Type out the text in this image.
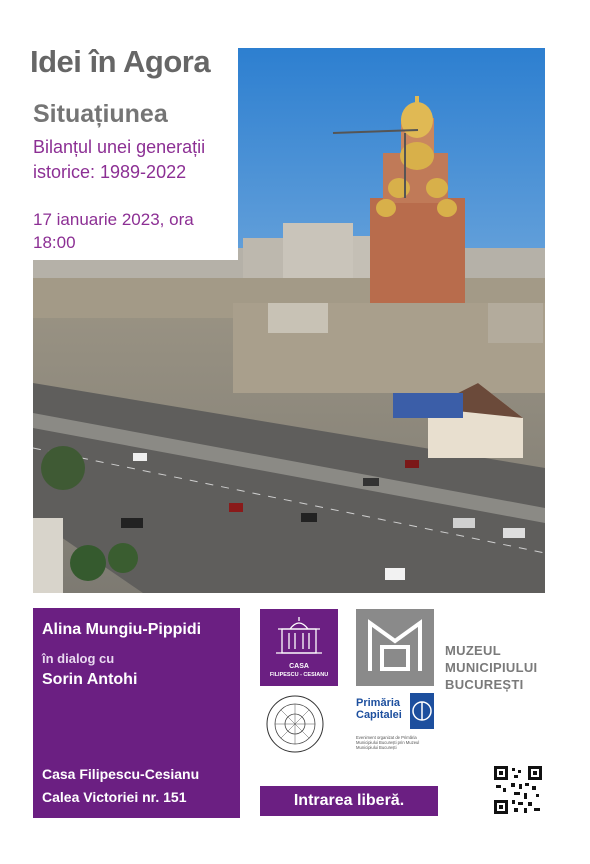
Idei în Agora
Situațiunea

Bilanțul unei generații istorice: 1989-2022

17 ianuarie 2023, ora 18:00

Alina Mungiu-Pippidi

în dialog cu

Sorin Antohi

Casa Filipescu-Cesianu

Calea Victoriei nr. 151

CASA

FILIPESCU - CESIANU

MUZEUL
MUNICIPIULUI
BUCUREȘTI

Primăria
Capitalei

Eveniment organizat de Primăria Municipiului București prin Muzeul Municipiului București

Intrarea liberă.
